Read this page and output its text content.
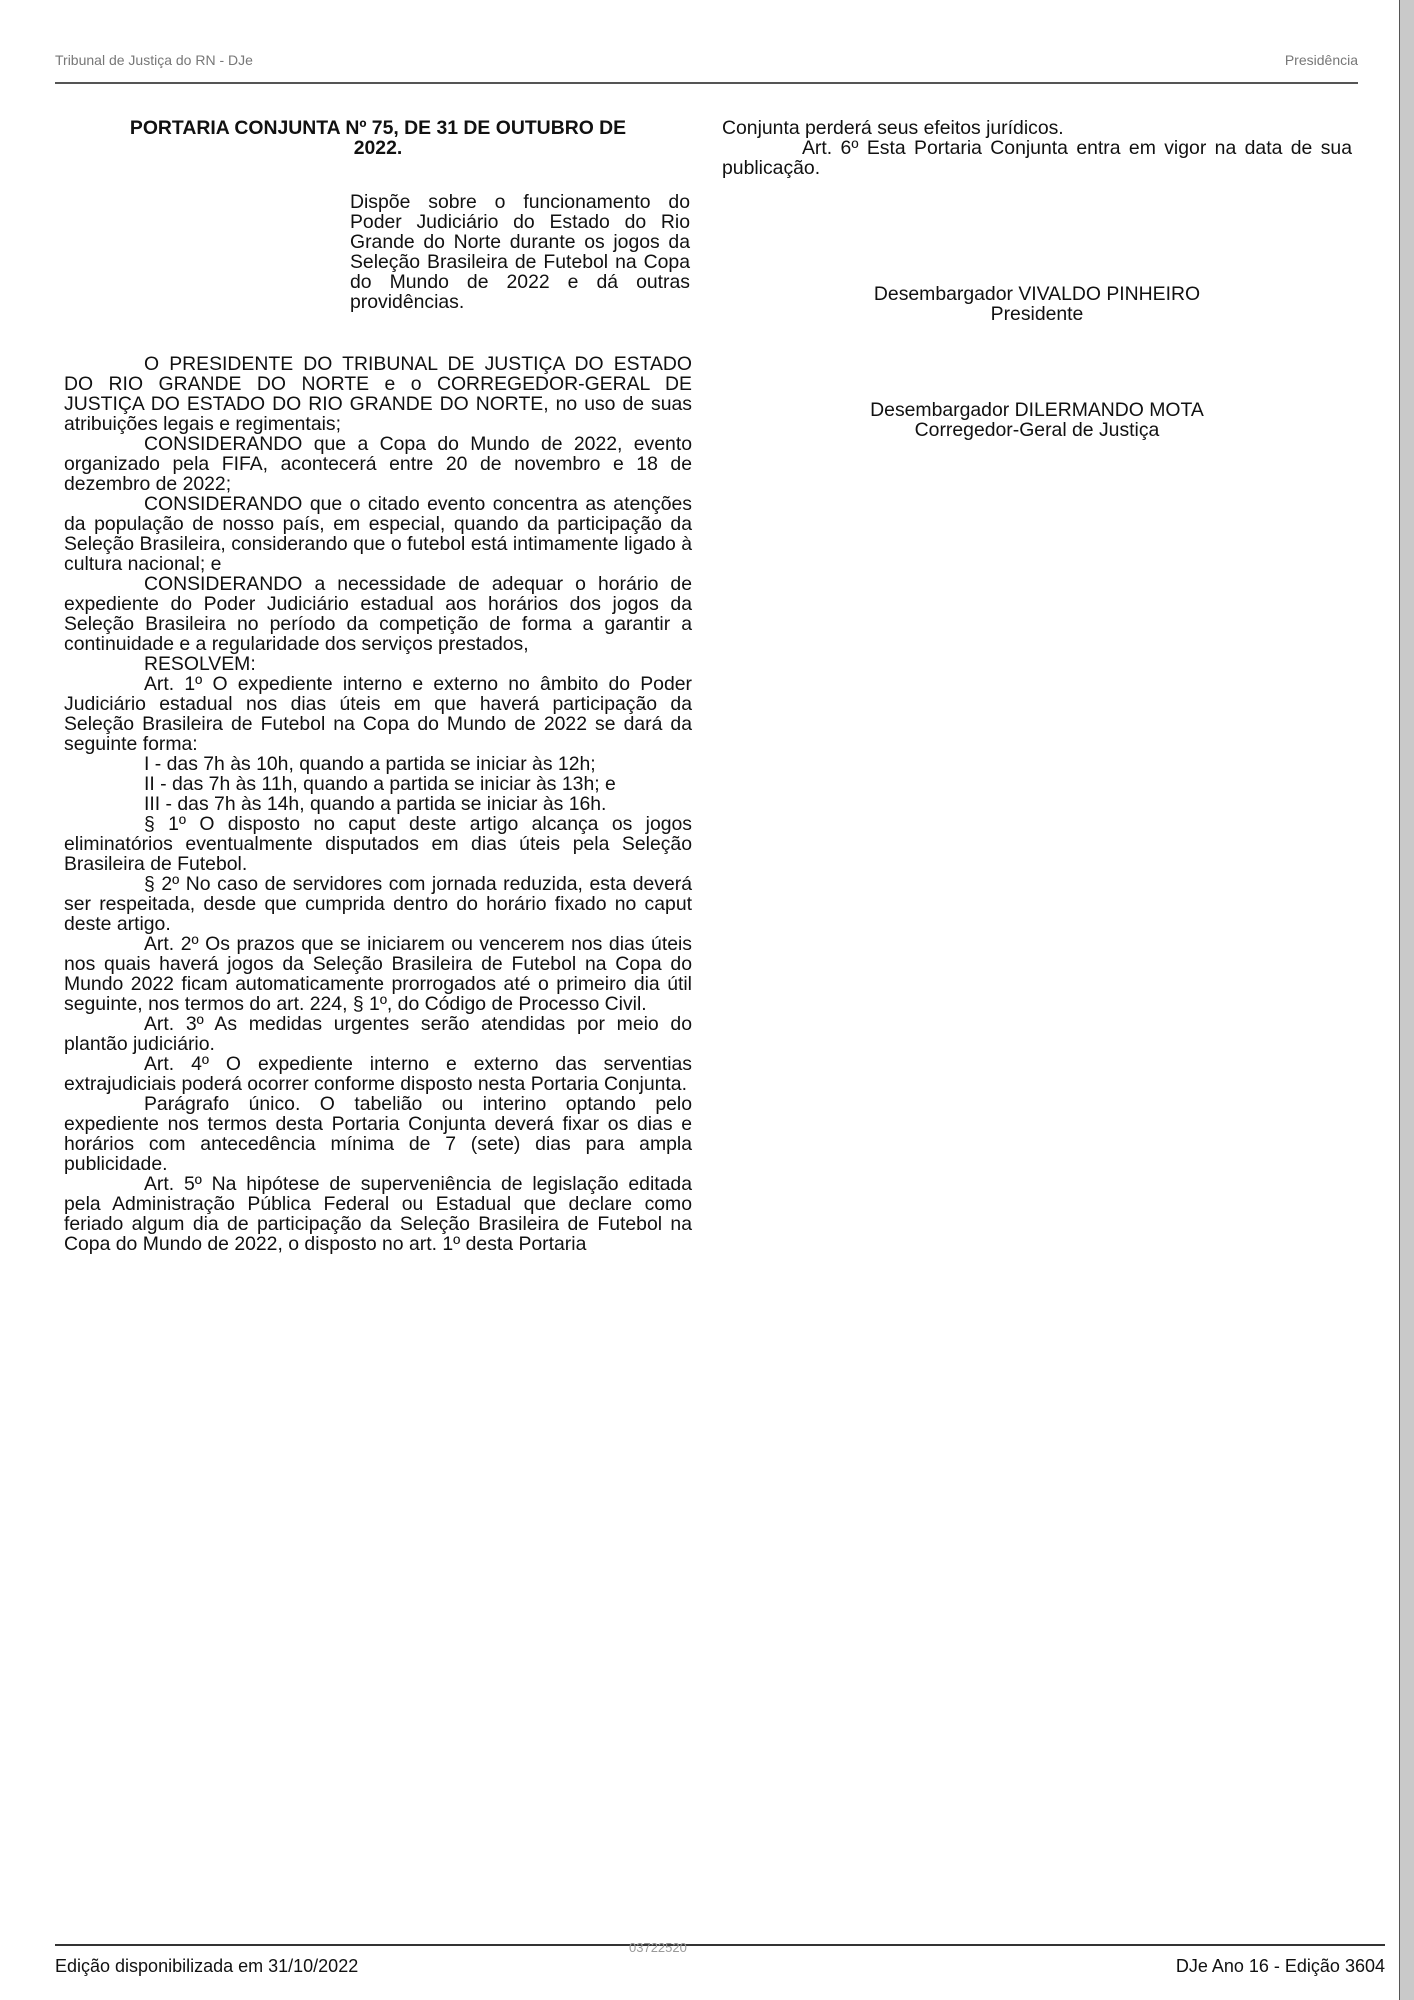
Tribunal de Justiça do RN - DJe	Presidência

PORTARIA CONJUNTA Nº 75, DE 31 DE OUTUBRO DE

2022.

Dispõe sobre o funcionamento do Poder Judiciário do Estado do Rio Grande do Norte durante os jogos da Seleção Brasileira de Futebol na Copa do Mundo de 2022 e dá outras providências.

O PRESIDENTE DO TRIBUNAL DE JUSTIÇA DO ESTADO DO RIO GRANDE DO NORTE e o CORREGEDOR-GERAL DE JUSTIÇA DO ESTADO DO RIO GRANDE DO NORTE, no uso de suas atribuições legais e regimentais;

CONSIDERANDO que a Copa do Mundo de 2022, evento organizado pela FIFA, acontecerá entre 20 de novembro e 18 de dezembro de 2022;

CONSIDERANDO que o citado evento concentra as atenções da população de nosso país, em especial, quando da participação da Seleção Brasileira, considerando que o futebol está intimamente ligado à cultura nacional; e

CONSIDERANDO a necessidade de adequar o horário de expediente do Poder Judiciário estadual aos horários dos jogos da Seleção Brasileira no período da competição de forma a garantir a continuidade e a regularidade dos serviços prestados,

RESOLVEM:

Art. 1º O expediente interno e externo no âmbito do Poder Judiciário estadual nos dias úteis em que haverá participação da Seleção Brasileira de Futebol na Copa do Mundo de 2022 se dará da seguinte forma:

I - das 7h às 10h, quando a partida se iniciar às 12h;

II - das 7h às 11h, quando a partida se iniciar às 13h; e

III - das 7h às 14h, quando a partida se iniciar às 16h.

§ 1º O disposto no caput deste artigo alcança os jogos eliminatórios eventualmente disputados em dias úteis pela Seleção Brasileira de Futebol.

§ 2º No caso de servidores com jornada reduzida, esta deverá ser respeitada, desde que cumprida dentro do horário fixado no caput deste artigo.

Art. 2º Os prazos que se iniciarem ou vencerem nos dias úteis nos quais haverá jogos da Seleção Brasileira de Futebol na Copa do Mundo 2022 ficam automaticamente prorrogados até o primeiro dia útil seguinte, nos termos do art. 224, § 1º, do Código de Processo Civil.

Art. 3º As medidas urgentes serão atendidas por meio do plantão judiciário.

Art. 4º O expediente interno e externo das serventias extrajudiciais poderá ocorrer conforme disposto nesta Portaria Conjunta.

Parágrafo único. O tabelião ou interino optando pelo expediente nos termos desta Portaria Conjunta deverá fixar os dias e horários com antecedência mínima de 7 (sete) dias para ampla publicidade.

Art. 5º Na hipótese de superveniência de legislação editada pela Administração Pública Federal ou Estadual que declare como feriado algum dia de participação da Seleção Brasileira de Futebol na Copa do Mundo de 2022, o disposto no art. 1º desta Portaria

Conjunta perderá seus efeitos jurídicos.

Art. 6º Esta Portaria Conjunta entra em vigor na data de sua publicação.

Desembargador VIVALDO PINHEIRO

Presidente

Desembargador DILERMANDO MOTA

Corregedor-Geral de Justiça

Edição disponibilizada em 31/10/2022
03722520
DJe Ano 16 - Edição 3604
